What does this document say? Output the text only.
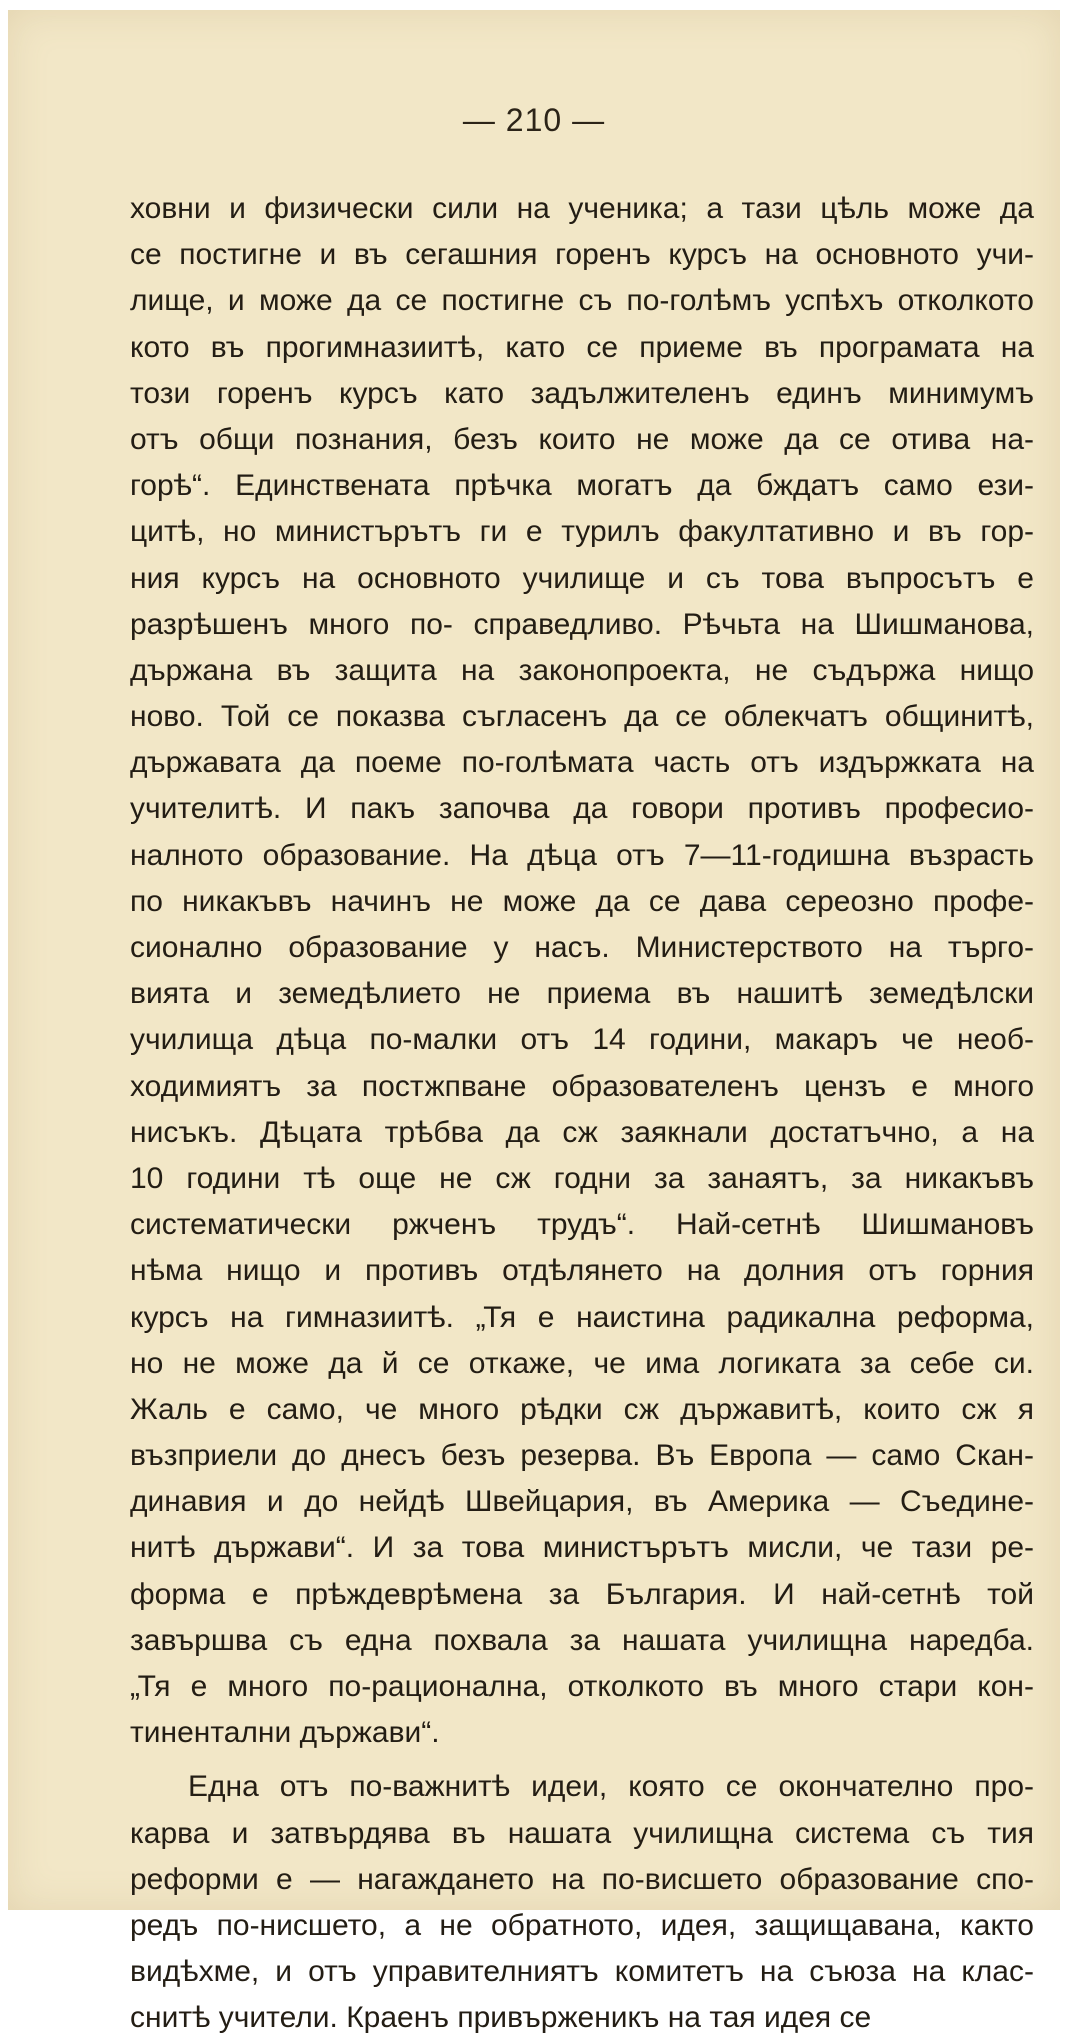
— 210 —
ховни и физически сили на ученика; а тази цѣль може да
се постигне и въ сегашния горенъ курсъ на основното учи-
лище, и може да се постигне съ по-голѣмъ успѣхъ отколкото
кото въ прогимназиитѣ, като се приеме въ програмата на
този горенъ курсъ като задължителенъ единъ минимумъ
отъ общи познания, безъ които не може да се отива на-
горѣ“. Единствената прѣчка могатъ да бждатъ само ези-
цитѣ, но министърътъ ги е турилъ факултативно и въ гор-
ния курсъ на основното училище и съ това въпросътъ е
разрѣшенъ много по- справедливо. Рѣчьта на Шишманова,
държана въ защита на законопроекта, не съдържа нищо
ново. Той се показва съгласенъ да се облекчатъ общинитѣ,
държавата да поеме по-голѣмата часть отъ издържката на
учителитѣ. И пакъ започва да говори противъ професио-
налното образование. На дѣца отъ 7—11-годишна възрасть
по никакъвъ начинъ не може да се дава сереозно профе-
сионално образование у насъ. Министерството на търго-
вията и земедѣлието не приема въ нашитѣ земедѣлски
училища дѣца по-малки отъ 14 години, макаръ че необ-
ходимиятъ за постжпване образователенъ цензъ е много
нисъкъ. Дѣцата трѣбва да сж заякнали достатъчно, а на
10 години тѣ още не сж годни за занаятъ, за никакъвъ
систематически ржченъ трудъ“. Най-сетнѣ Шишмановъ
нѣма нищо и противъ отдѣлянето на долния отъ горния
курсъ на гимназиитѣ. „Тя е наистина радикална реформа,
но не може да й се откаже, че има логиката за себе си.
Жаль е само, че много рѣдки сж държавитѣ, които сж я
възприели до днесъ безъ резерва. Въ Европа — само Скан-
динавия и до нейдѣ Швейцария, въ Америка — Съедине-
нитѣ държави“. И за това министърътъ мисли, че тази ре-
форма е прѣждеврѣмена за България. И най-сетнѣ той
завършва съ една похвала за нашата училищна наредба.
„Тя е много по-рационална, отколкото въ много стари кон-
тинентални държави“.
Една отъ по-важнитѣ идеи, която се окончателно про-
карва и затвърдява въ нашата училищна система съ тия
реформи е — нагаждането на по-висшето образование спо-
редъ по-нисшето, а не обратното, идея, защищавана, както
видѣхме, и отъ управителниятъ комитетъ на съюза на клас-
снитѣ учители. Краенъ привърженикъ на тая идея се
